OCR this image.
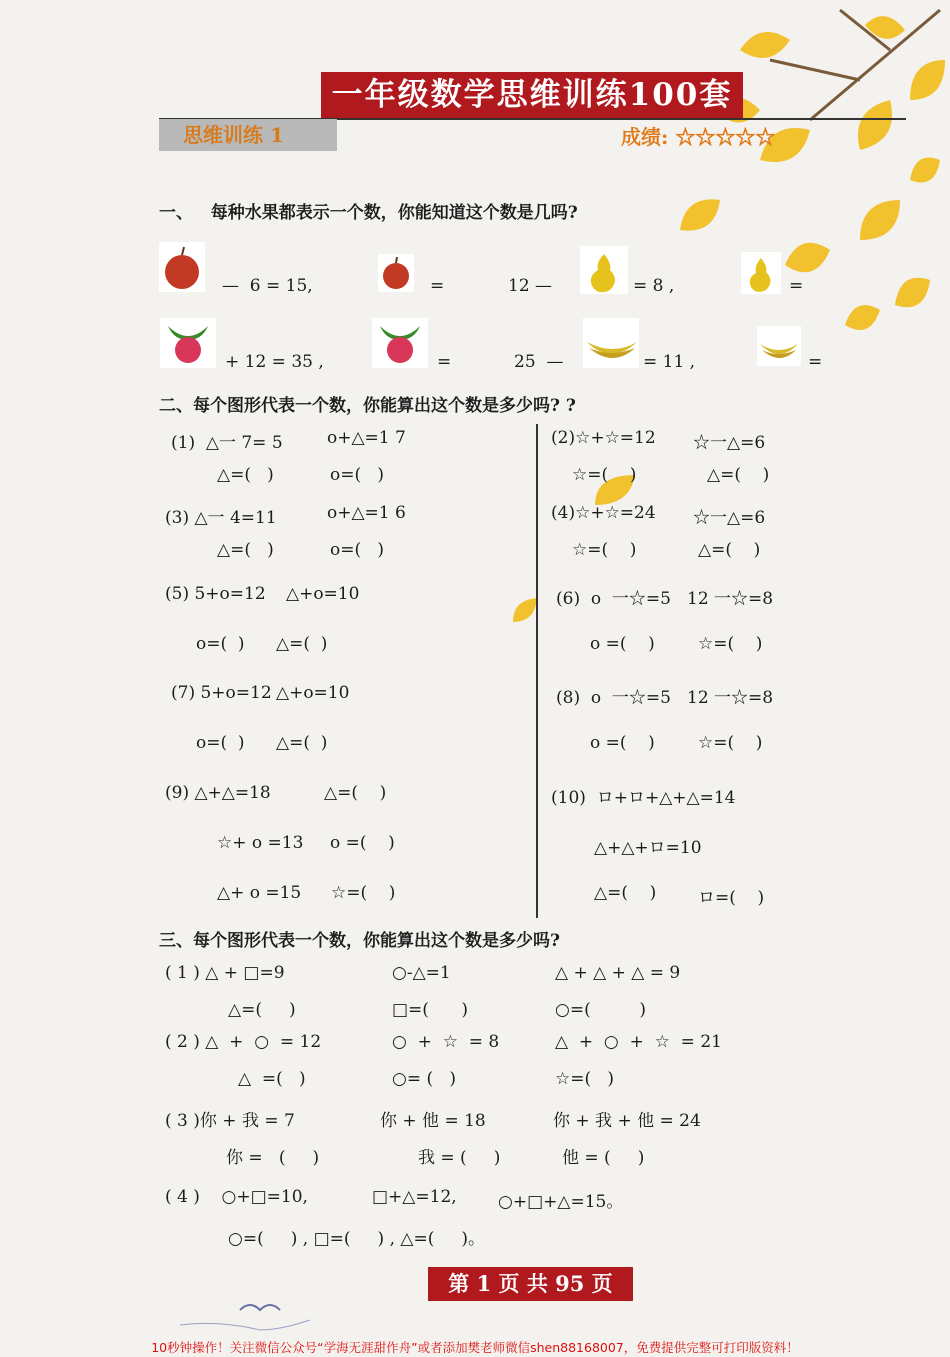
一年级数学思维训练100套
思维训练 1	成绩: ☆☆☆☆☆
一、   每种水果都表示一个数，你能知道这个数是几吗?
—  6 = 15,	=	12 —	= 8 ,	=
+ 12 = 35 ,	=	25  —	= 11 ,	=
二、每个图形代表一个数，你能算出这个数是多少吗? ?
(1)  △一 7= 5	o+△=1 7
△=(   )	o=(   )
(2)☆+☆=12 ☆一△=6
☆=(    )	△=(    )
(3) △一 4=11	o+△=1 6
△=(   )	o=(   )
(4)☆+☆=24 ☆一△=6
☆=(    )	△=(    )
(5) 5+o=12 △+o=10
o=(  ) △=(  )
(6)  o  一☆=5 12 一☆=8
o =(    )	☆=(    )
(7) 5+o=12 △+o=10
o=(  ) △=(  )
(8)  o  一☆=5 12 一☆=8
o =(    )	☆=(    )
(9) △+△=18	△=(    )
☆+ o =13 o =(    )
△+ o =15 ☆=(    )
(10)  ロ+ロ+△+△=14
△+△+ロ=10
△=(    ) ロ=(    )
三、每个图形代表一个数，你能算出这个数是多少吗?
( 1 ) △ + □=9	○-△=1	△ + △ + △ = 9
△=(     )	□=(      )	○=(         )
( 2 ) △  +  ○  = 12	○  +  ☆  = 8	△  +  ○  +  ☆  = 21
△  =(   )	○= (   )	☆=(   )
( 3 )你 + 我 = 7	你 + 他 = 18	你 + 我 + 他 = 24
你 =   (     )	我 = (     )	他 = (     )
( 4 )    ○+□=10,	□+△=12, ○+□+△=15。
○=(     ) , □=(     ) , △=(     )。
第 1 页 共 95 页
10秒钟操作！关注微信公众号“学海无涯甜作舟”或者添加樊老师微信shen88168007，免费提供完整可打印版资料！
